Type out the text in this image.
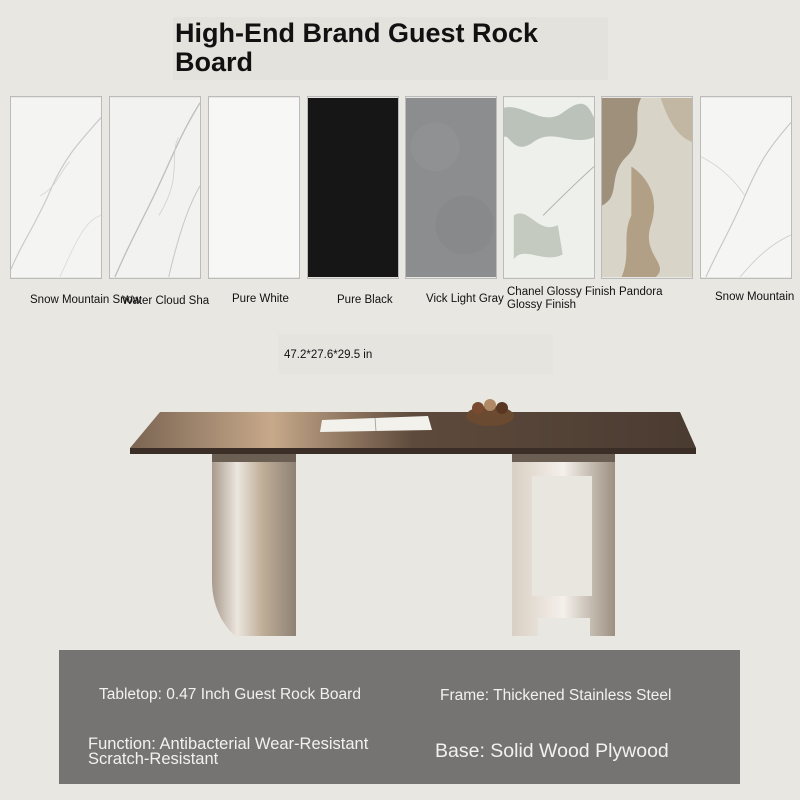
High-End Brand Guest Rock Board
Snow Mountain Snow
Water Cloud Sha Pure White	Pure Black	Vick Light Gray
Chanel Glossy Finish
Glossy Finish
Pandora	Snow Mountain
47.2*27.6*29.5 in
Tabletop: 0.47 Inch Guest Rock Board	Frame: Thickened Stainless Steel
Function: Antibacterial Wear-Resistant Scratch-Resistant	Base: Solid Wood Plywood
